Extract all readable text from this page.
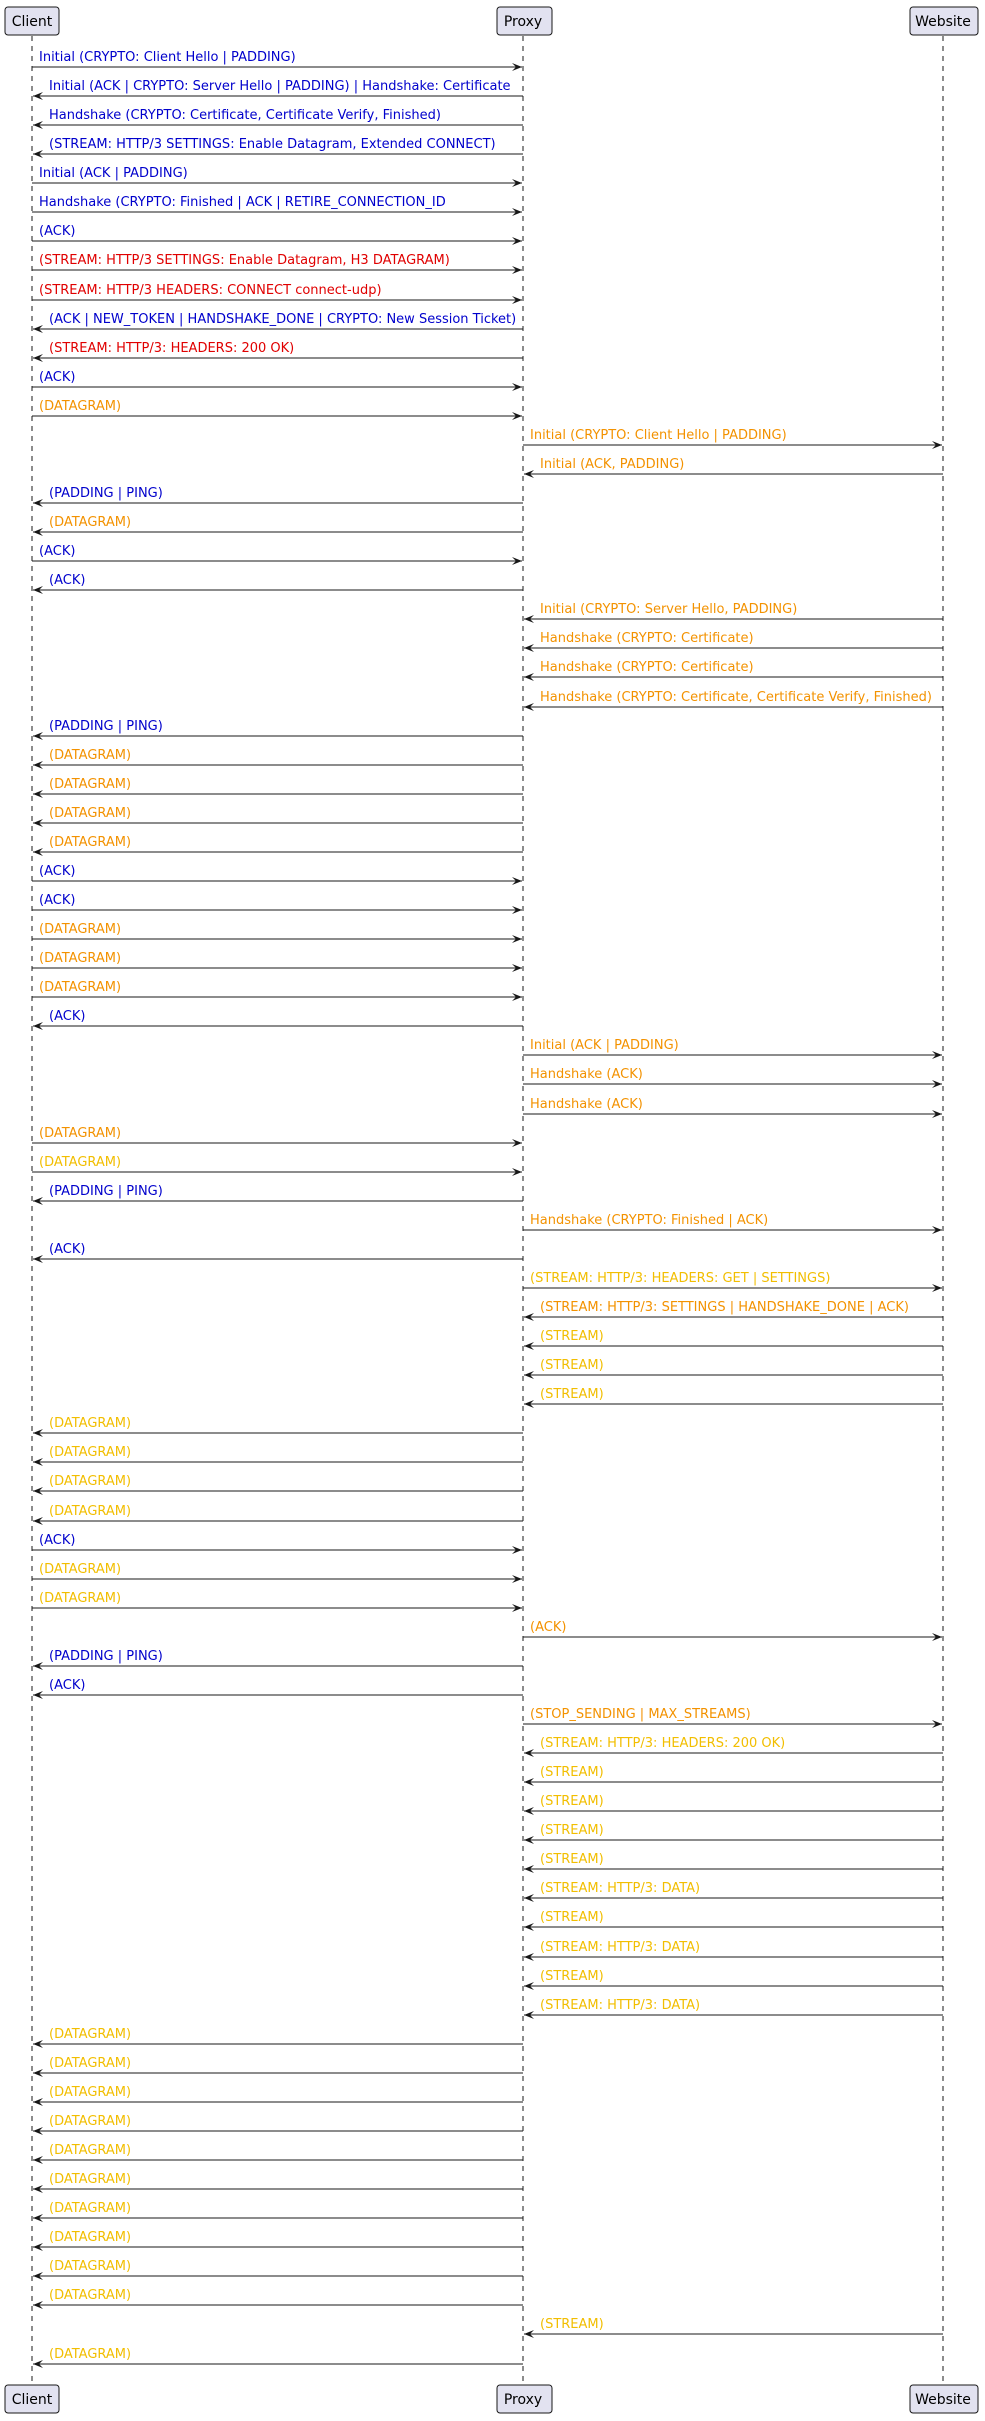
Initial (CRYPTO: Client Hello | PADDING)
Initial (ACK | CRYPTO: Server Hello | PADDING) | Handshake: Certificate
Handshake (CRYPTO: Certificate, Certificate Verify, Finished)
(STREAM: HTTP/3 SETTINGS: Enable Datagram, Extended CONNECT)
Initial (ACK | PADDING)
Handshake (CRYPTO: Finished | ACK | RETIRE_CONNECTION_ID
(ACK)
(STREAM: HTTP/3 SETTINGS: Enable Datagram, H3 DATAGRAM)
(STREAM: HTTP/3 HEADERS: CONNECT connect-udp)
(ACK | NEW_TOKEN | HANDSHAKE_DONE | CRYPTO: New Session Ticket)
(STREAM: HTTP/3: HEADERS: 200 OK)
(ACK)
(DATAGRAM)
Initial (CRYPTO: Client Hello | PADDING)
Initial (ACK, PADDING)
(PADDING | PING)
(DATAGRAM)
(ACK)
(ACK)
Initial (CRYPTO: Server Hello, PADDING)
Handshake (CRYPTO: Certificate)
Handshake (CRYPTO: Certificate)
Handshake (CRYPTO: Certificate, Certificate Verify, Finished)
(PADDING | PING)
(DATAGRAM)
(DATAGRAM)
(DATAGRAM)
(DATAGRAM)
(ACK)
(ACK)
(DATAGRAM)
(DATAGRAM)
(DATAGRAM)
(ACK)
Initial (ACK | PADDING)
Handshake (ACK)
Handshake (ACK)
(DATAGRAM)
(DATAGRAM)
(PADDING | PING)
Handshake (CRYPTO: Finished | ACK)
(ACK)
(STREAM: HTTP/3: HEADERS: GET | SETTINGS)
(STREAM: HTTP/3: SETTINGS | HANDSHAKE_DONE | ACK)
(STREAM)
(STREAM)
(STREAM)
(DATAGRAM)
(DATAGRAM)
(DATAGRAM)
(DATAGRAM)
(ACK)
(DATAGRAM)
(DATAGRAM)
(ACK)
(PADDING | PING)
(ACK)
(STOP_SENDING | MAX_STREAMS)
(STREAM: HTTP/3: HEADERS: 200 OK)
(STREAM)
(STREAM)
(STREAM)
(STREAM)
(STREAM: HTTP/3: DATA)
(STREAM)
(STREAM: HTTP/3: DATA)
(STREAM)
(STREAM: HTTP/3: DATA)
(DATAGRAM)
(DATAGRAM)
(DATAGRAM)
(DATAGRAM)
(DATAGRAM)
(DATAGRAM)
(DATAGRAM)
(DATAGRAM)
(DATAGRAM)
(DATAGRAM)
(STREAM)
(DATAGRAM)
Client
Client
Proxy
Proxy
Website
Website
